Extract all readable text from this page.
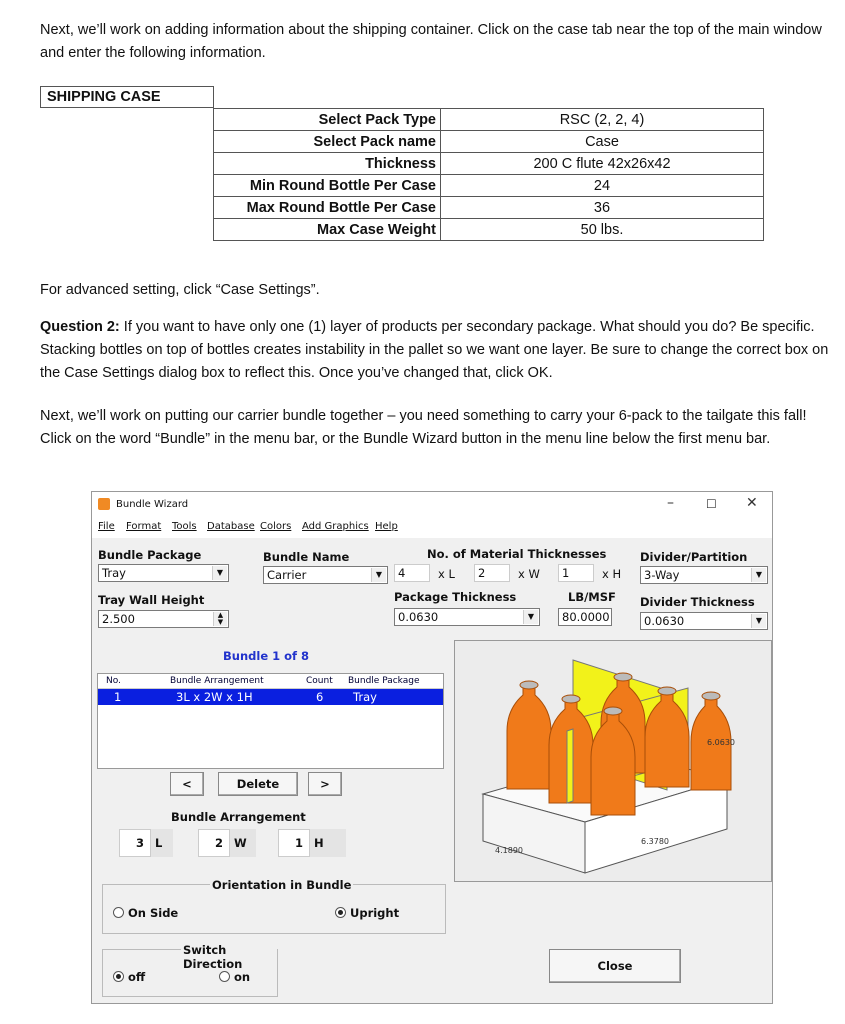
Next, we’ll work on adding information about the shipping container. Click on the case tab near the top of the main window and enter the following information.
SHIPPING CASE
Select Pack Type	RSC (2, 2, 4)
Select Pack name	Case
Thickness	200 C flute 42x26x42
Min Round Bottle Per Case	24
Max Round Bottle Per Case	36
Max Case Weight	50 lbs.
For advanced setting, click “Case Settings”.
Question 2: If you want to have only one (1) layer of products per secondary package. What should you do? Be specific. Stacking bottles on top of bottles creates instability in the pallet so we want one layer. Be sure to change the correct box on the Case Settings dialog box to reflect this. Once you’ve changed that, click OK.
Next, we’ll work on putting our carrier bundle together – you need something to carry your 6-pack to the tailgate this fall! Click on the word “Bundle” in the menu bar, or the Bundle Wizard button in the menu line below the first menu bar.
Bundle Wizard	–	☐ ✕
File Format Tools Database Colors Add Graphics Help
Bundle Package
Tray	▼
Bundle Name
Carrier	▼
No. of Material Thicknesses
4	x L	2	x W	1	x H
Divider/Partition
3-Way	▼
Tray Wall Height
2.500	▲
▼
Package Thickness
0.0630	▼
LB/MSF
80.0000
Divider Thickness
0.0630	▼
Bundle 1 of 8
No.	Bundle Arrangement	Count Bundle Package
1	3L x 2W x 1H	6	Tray
<	Delete	>
Bundle Arrangement
3 L	2 W	1 H
Orientation in Bundle
On Side	Upright
Switch Direction
off	on
Close
6.0630
6.3780
4.1890
